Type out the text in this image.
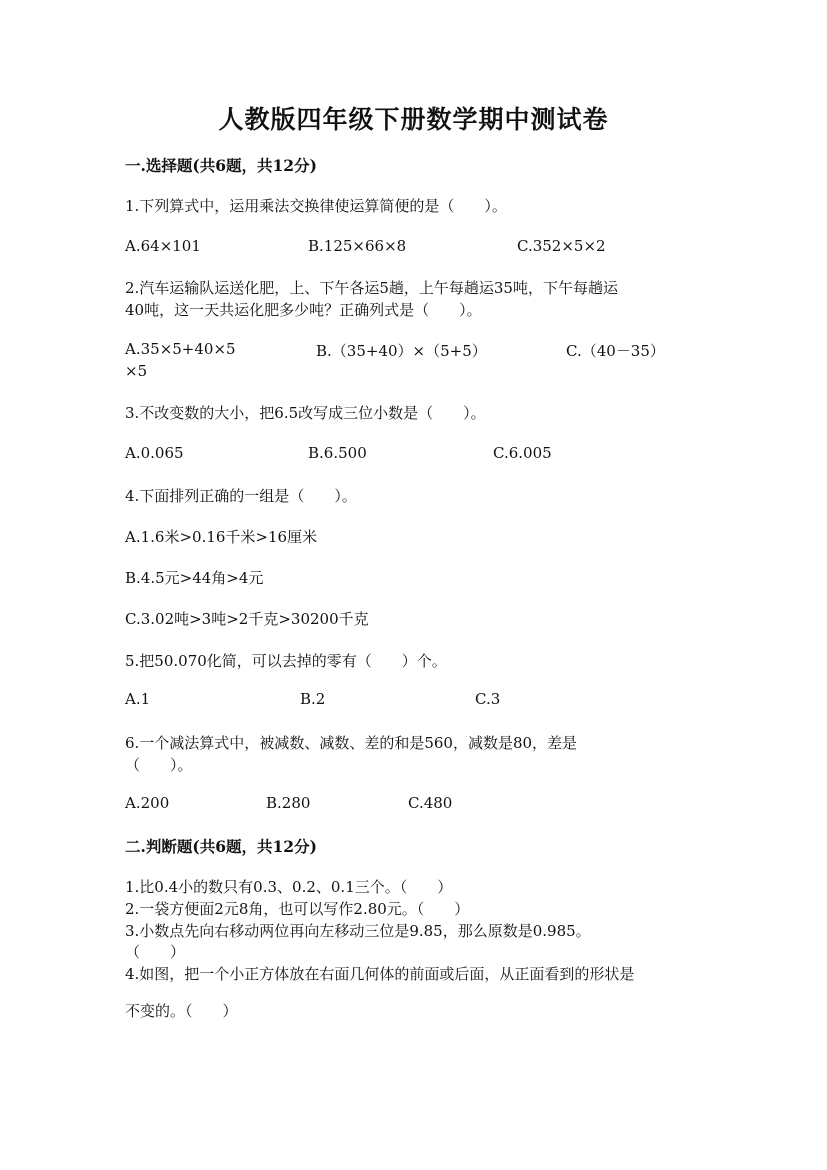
人教版四年级下册数学期中测试卷
一.选择题(共6题，共12分)
1.下列算式中，运用乘法交换律使运算简便的是（　　）。
A.64×101	B.125×66×8	C.352×5×2
2.汽车运输队运送化肥，上、下午各运5趟，上午每趟运35吨，下午每趟运
40吨，这一天共运化肥多少吨？正确列式是（　　）。
A.35×5+40×5	B.（35+40）×（5+5）	C.（40－35）
×5
3.不改变数的大小，把6.5改写成三位小数是（　　）。
A.0.065	B.6.500	C.6.005
4.下面排列正确的一组是（　　）。
A.1.6米>0.16千米>16厘米
B.4.5元>44角>4元
C.3.02吨>3吨>2千克>30200千克
5.把50.070化简，可以去掉的零有（　　）个。
A.1	B.2	C.3
6.一个减法算式中，被减数、减数、差的和是560，减数是80，差是
（　　）。
A.200	B.280	C.480
二.判断题(共6题，共12分)
1.比0.4小的数只有0.3、0.2、0.1三个。（　　）
2.一袋方便面2元8角，也可以写作2.80元。（　　）
3.小数点先向右移动两位再向左移动三位是9.85，那么原数是0.985。
（　　）
4.如图，把一个小正方体放在右面几何体的前面或后面，从正面看到的形状是
不变的。（　　）
